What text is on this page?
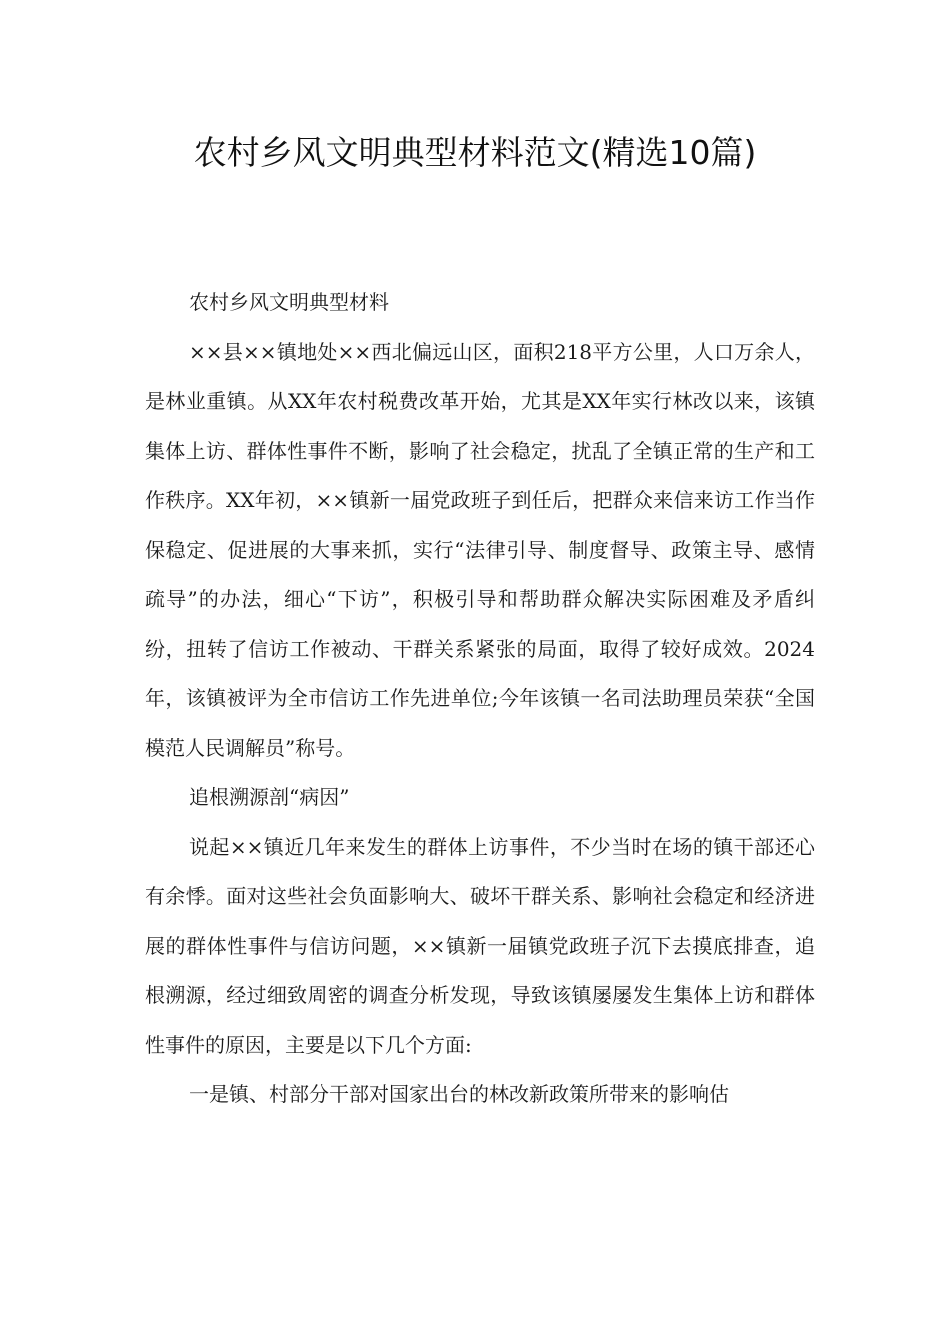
农村乡风文明典型材料范文(精选10篇)

农村乡风文明典型材料

××县××镇地处××西北偏远山区，面积218平方公里，人口万余人，是林业重镇。从XX年农村税费改革开始，尤其是XX年实行林改以来，该镇集体上访、群体性事件不断，影响了社会稳定，扰乱了全镇正常的生产和工作秩序。XX年初，××镇新一届党政班子到任后，把群众来信来访工作当作保稳定、促进展的大事来抓，实行“法律引导、制度督导、政策主导、感情疏导”的办法，细心“下访”，积极引导和帮助群众解决实际困难及矛盾纠纷，扭转了信访工作被动、干群关系紧张的局面，取得了较好成效。2024年，该镇被评为全市信访工作先进单位;今年该镇一名司法助理员荣获“全国模范人民调解员”称号。

追根溯源剖“病因”

说起××镇近几年来发生的群体上访事件，不少当时在场的镇干部还心有余悸。面对这些社会负面影响大、破坏干群关系、影响社会稳定和经济进展的群体性事件与信访问题，××镇新一届镇党政班子沉下去摸底排查，追根溯源，经过细致周密的调查分析发现，导致该镇屡屡发生集体上访和群体性事件的原因，主要是以下几个方面:

一是镇、村部分干部对国家出台的林改新政策所带来的影响估
